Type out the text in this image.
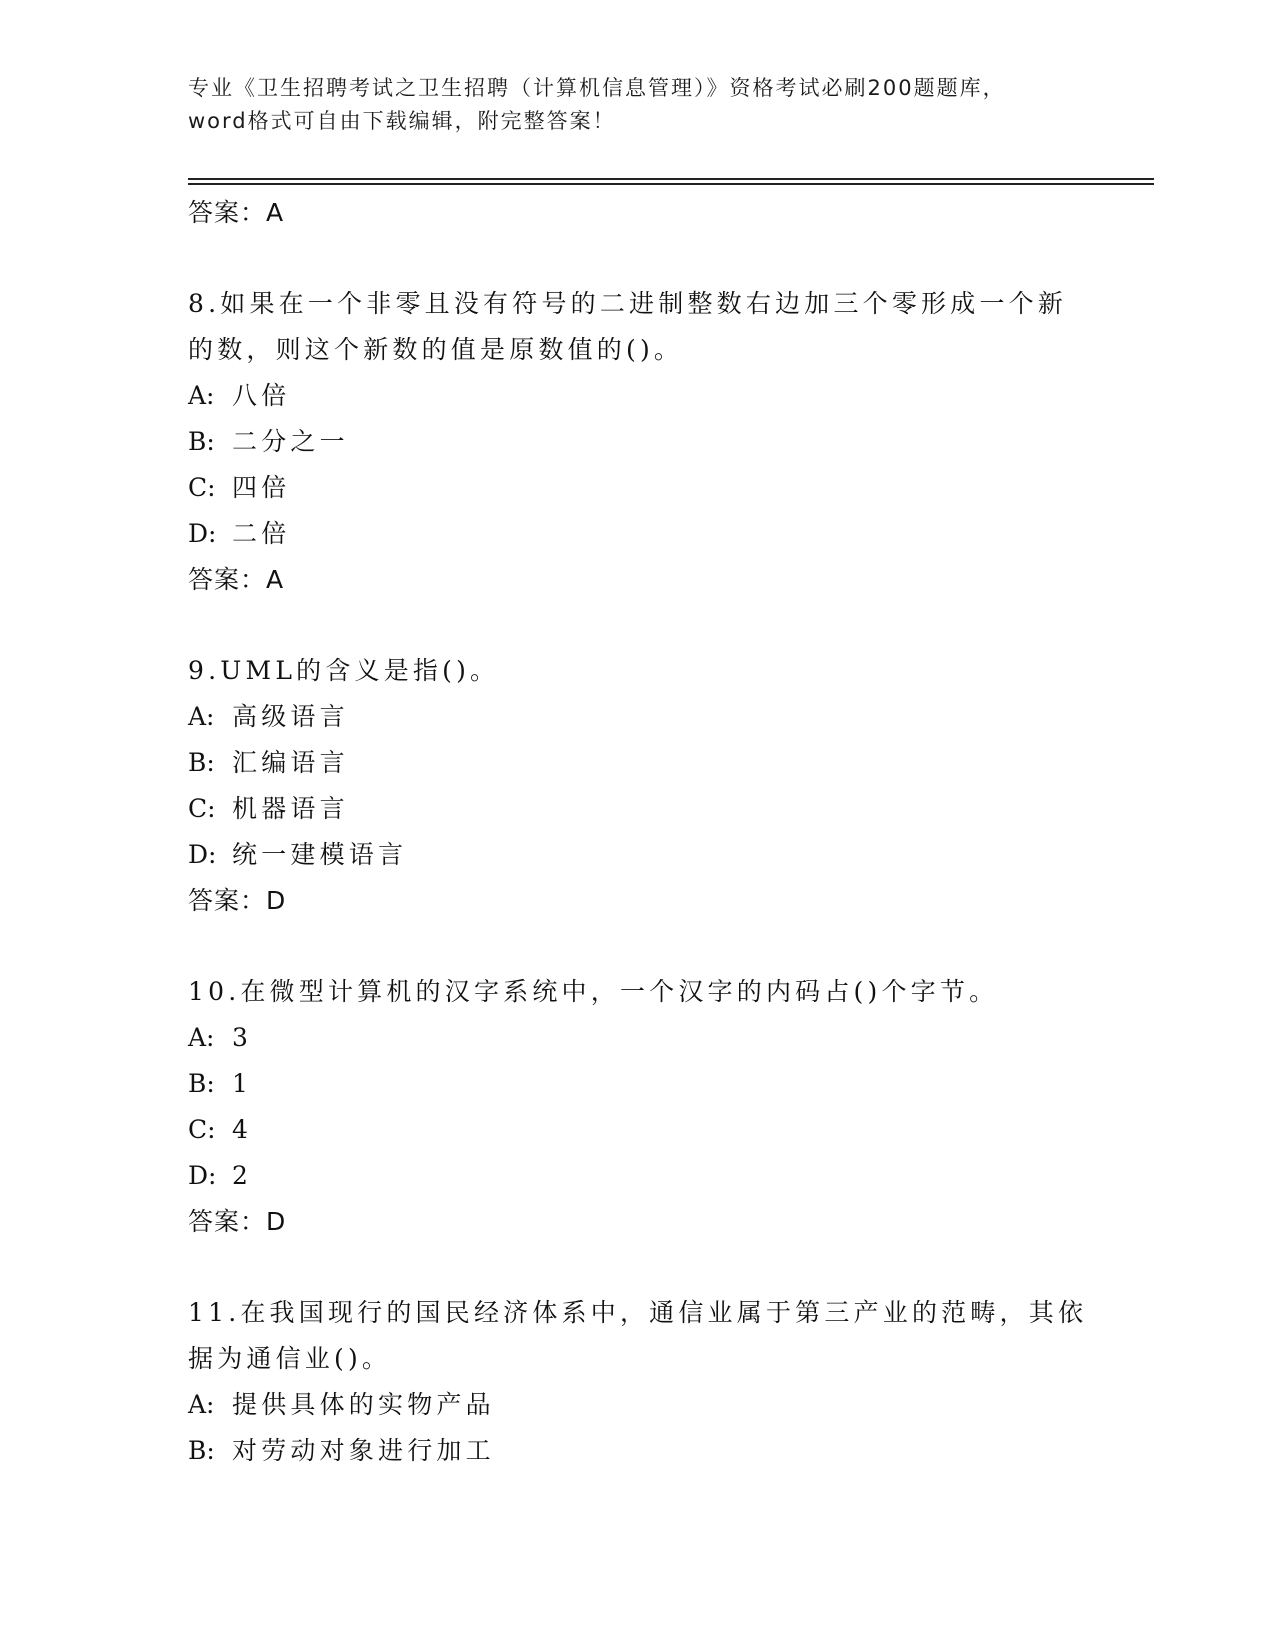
专业《卫生招聘考试之卫生招聘（计算机信息管理）》资格考试必刷200题题库，
word格式可自由下载编辑，附完整答案！
答案：A
8.如果在一个非零且没有符号的二进制整数右边加三个零形成一个新
的数，则这个新数的值是原数值的()。
A: 八倍
B: 二分之一
C: 四倍
D: 二倍
答案：A
9.UML的含义是指()。
A: 高级语言
B: 汇编语言
C: 机器语言
D: 统一建模语言
答案：D
10.在微型计算机的汉字系统中，一个汉字的内码占()个字节。
A: 3
B: 1
C: 4
D: 2
答案：D
11.在我国现行的国民经济体系中，通信业属于第三产业的范畴，其依
据为通信业()。
A: 提供具体的实物产品
B: 对劳动对象进行加工
